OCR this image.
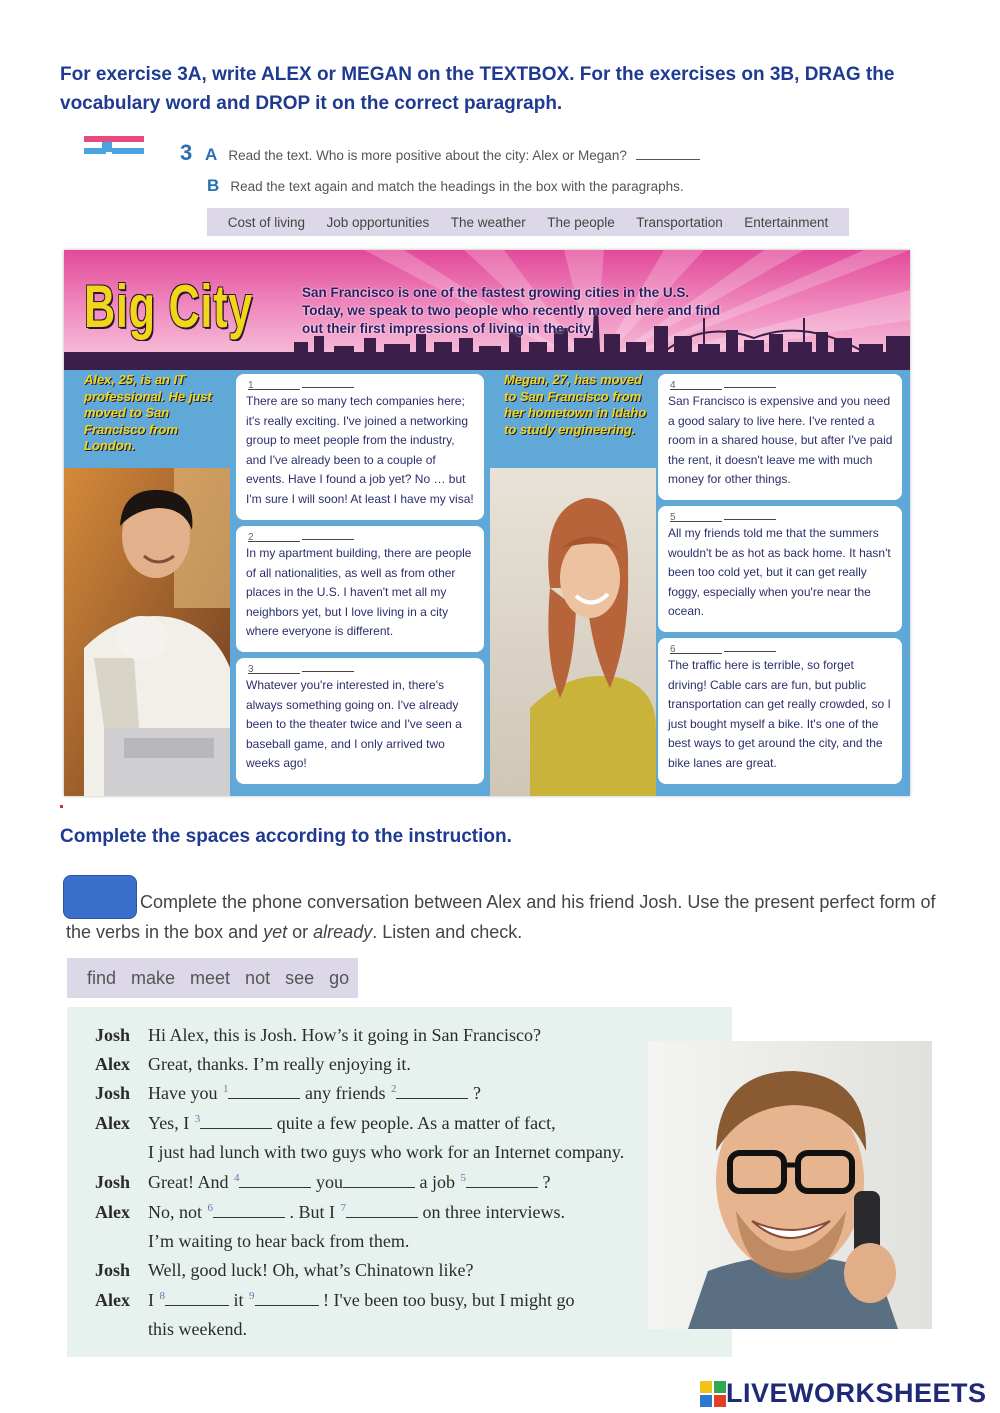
For exercise 3A, write ALEX or MEGAN on the TEXTBOX. For the exercises on 3B, DRAG the vocabulary word and DROP it on the correct paragraph.
3 A Read the text. Who is more positive about the city: Alex or Megan?
B Read the text again and match the headings in the box with the paragraphs.
Cost of living Job opportunities The weather The people Transportation Entertainment
Big City	San Francisco is one of the fastest growing cities in the U.S. Today, we speak to two people who recently moved here and find out their first impressions of living in the city.
Alex, 25, is an IT professional. He just moved to San Francisco from London.
1
There are so many tech companies here; it's really exciting. I've joined a networking group to meet people from the industry, and I've already been to a couple of events. Have I found a job yet? No … but I'm sure I will soon! At least I have my visa!
2
In my apartment building, there are people of all nationalities, as well as from other places in the U.S. I haven't met all my neighbors yet, but I love living in a city where everyone is different.
3
Whatever you're interested in, there's always something going on. I've already been to the theater twice and I've seen a baseball game, and I only arrived two weeks ago!
Megan, 27, has moved to San Francisco from her hometown in Idaho to study engineering.
4
San Francisco is expensive and you need a good salary to live here. I've rented a room in a shared house, but after I've paid the rent, it doesn't leave me with much money for other things.
5
All my friends told me that the summers wouldn't be as hot as back home. It hasn't been too cold yet, but it can get really foggy, especially when you're near the ocean.
6
The traffic here is terrible, so forget driving! Cable cars are fun, but public transportation can get really crowded, so I just bought myself a bike. It's one of the best ways to get around the city, and the bike lanes are great.
Complete the spaces according to the instruction.
Complete the phone conversation between Alex and his friend Josh. Use the present perfect form of the verbs in the box and yet or already. Listen and check.
find make meet not see go
Josh Hi Alex, this is Josh. How’s it going in San Francisco?
Alex Great, thanks. I’m really enjoying it.
Josh Have you $^1$	any friends $^2$	?
Alex Yes, I $^3$	quite a few people. As a matter of fact,
I just had lunch with two guys who work for an Internet company.
Josh Great! And $^4$	you	a job $^5$	?
Alex No, not $^6$	. But I $^7$	on three interviews.
I’m waiting to hear back from them.
Josh Well, good luck! Oh, what’s Chinatown like?
Alex I $^8$	it $^9$	! I've been too busy, but I might go
this weekend.
LIVEWORKSHEETS
